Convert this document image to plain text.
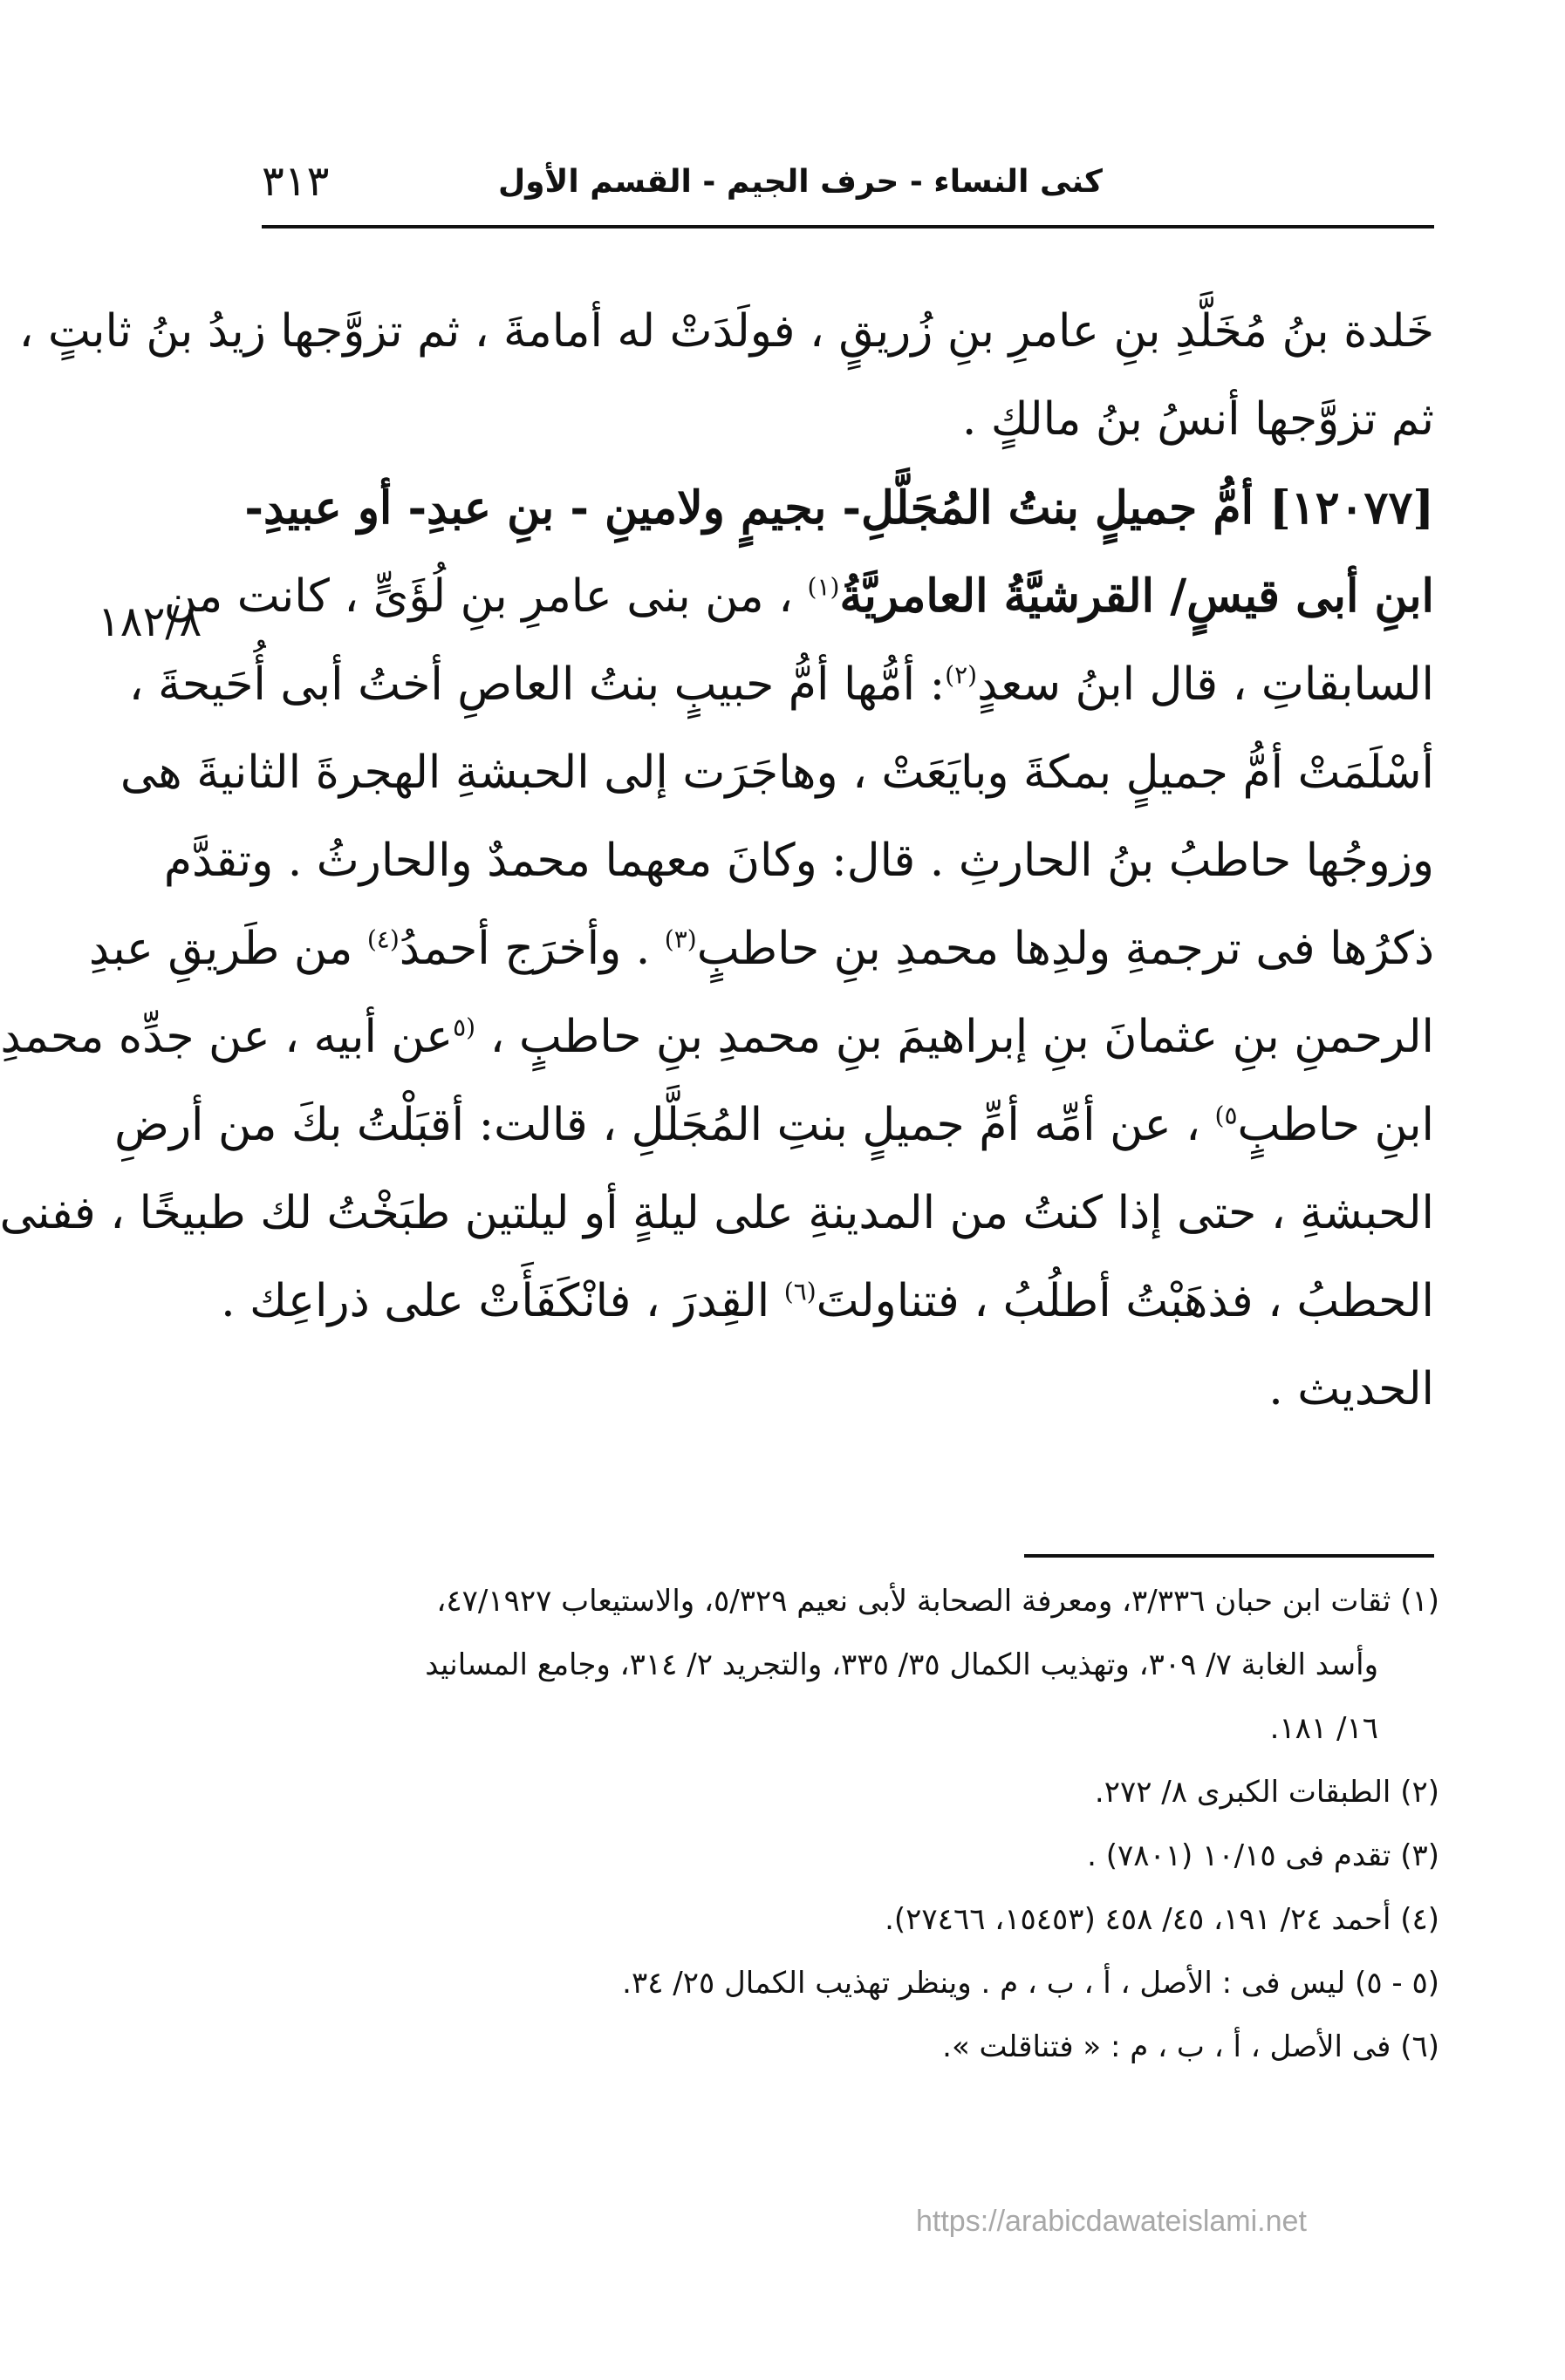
كنى النساء - حرف الجيم - القسم الأول
٣١٣
١٨٢/٨
خَلدة بنُ مُخَلَّدِ بنِ عامرِ بنِ زُريقٍ ، فولَدَتْ له أمامةَ ، ثم تزوَّجها زيدُ بنُ ثابتٍ ،
ثم تزوَّجها أنسُ بنُ مالكٍ .
[١٢٠٧٧] أمُّ جميلٍ بنتُ المُجَلَّلِ- بجيمٍ ولامينِ - بنِ عبدِ- أو عبيدِ-
ابنِ أبى قيسٍ/ القرشيَّةُ العامريَّةُ$^{(١)}$ ، من بنى عامرِ بنِ لُؤَىٍّ ، كانت من
السابقاتِ ، قال ابنُ سعدٍ$^{(٢)}$: أمُّها أمُّ حبيبٍ بنتُ العاصِ أختُ أبى أُحَيحةَ ،
أسْلَمَتْ أمُّ جميلٍ بمكةَ وبايَعَتْ ، وهاجَرَت إلى الحبشةِ الهجرةَ الثانيةَ هى
وزوجُها حاطبُ بنُ الحارثِ . قال: وكانَ معهما محمدٌ والحارثُ . وتقدَّم
ذكرُها فى ترجمةِ ولدِها محمدِ بنِ حاطبٍ$^{(٣)}$ . وأخرَج أحمدُ$^{(٤)}$ من طَريقِ عبدِ
الرحمنِ بنِ عثمانَ بنِ إبراهيمَ بنِ محمدِ بنِ حاطبٍ ، $^{(٥}$عن أبيه ، عن جدِّه محمدِ
ابنِ حاطبٍ$^{٥)}$ ، عن أمِّه أمِّ جميلٍ بنتِ المُجَلَّلِ ، قالت: أقبَلْتُ بكَ من أرضِ
الحبشةِ ، حتى إذا كنتُ من المدينةِ على ليلةٍ أو ليلتين طبَخْتُ لك طبيخًا ، ففنى
الحطبُ ، فذهَبْتُ أطلُبُ ، فتناولتَ$^{(٦)}$ القِدرَ ، فانْكَفَأَتْ على ذراعِك .
الحديث .
(١) ثقات ابن حبان ٣/٣٣٦، ومعرفة الصحابة لأبى نعيم ٥/٣٢٩، والاستيعاب ٤٧/١٩٢٧،
وأسد الغابة ٧/ ٣٠٩، وتهذيب الكمال ٣٥/ ٣٣٥، والتجريد ٢/ ٣١٤، وجامع المسانيد
١٦/ ١٨١.
(٢) الطبقات الكبرى ٨/ ٢٧٢.
(٣) تقدم فى ١٠/١٥ (٧٨٠١) .
(٤) أحمد ٢٤/ ١٩١، ٤٥/ ٤٥٨ (١٥٤٥٣، ٢٧٤٦٦).
(٥ - ٥) ليس فى : الأصل ، أ ، ب ، م . وينظر تهذيب الكمال ٢٥/ ٣٤.
(٦) فى الأصل ، أ ، ب ، م : « فتناقلت ».
https://arabicdawateislami.net
